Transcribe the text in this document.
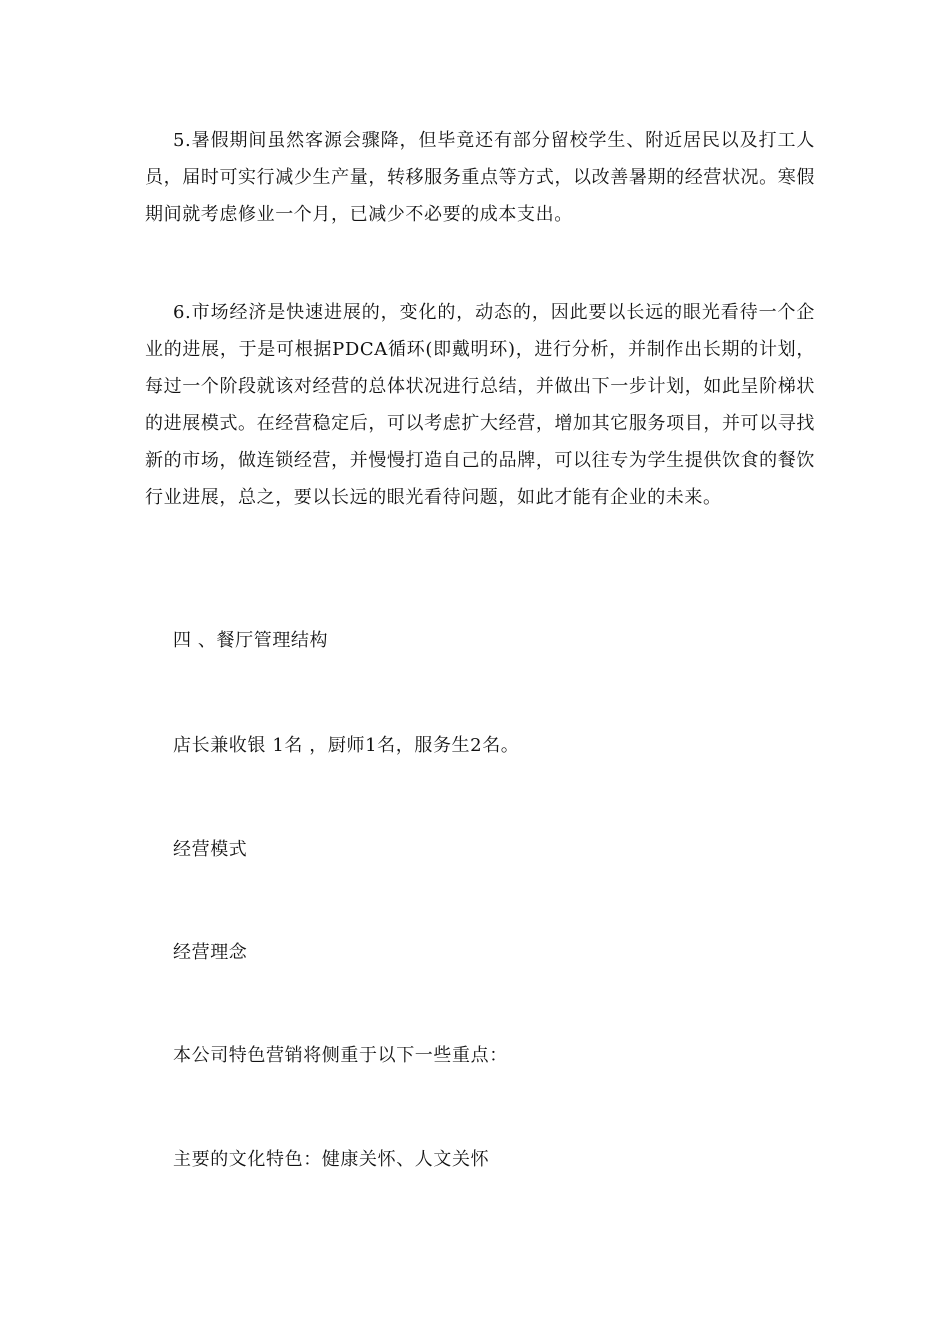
5.暑假期间虽然客源会骤降，但毕竟还有部分留校学生、附近居民以及打工人员，届时可实行减少生产量，转移服务重点等方式，以改善暑期的经营状况。寒假期间就考虑修业一个月，已减少不必要的成本支出。

6.市场经济是快速进展的，变化的，动态的，因此要以长远的眼光看待一个企业的进展，于是可根据PDCA循环(即戴明环)，进行分析，并制作出长期的计划，每过一个阶段就该对经营的总体状况进行总结，并做出下一步计划，如此呈阶梯状的进展模式。在经营稳定后，可以考虑扩大经营，增加其它服务项目，并可以寻找新的市场，做连锁经营，并慢慢打造自己的品牌，可以往专为学生提供饮食的餐饮行业进展，总之，要以长远的眼光看待问题，如此才能有企业的未来。

四 、餐厅管理结构

店长兼收银 1名 ，厨师1名，服务生2名。

经营模式

经营理念

本公司特色营销将侧重于以下一些重点：

主要的文化特色：健康关怀、人文关怀
